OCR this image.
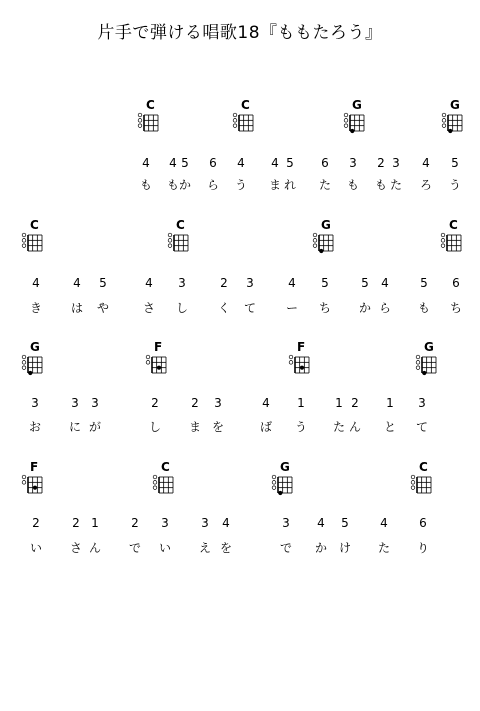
片手で弾ける唱歌18『ももたろう』
C	C	G	G
4	4 5	6	4	4 5	6	3	2 3	4	5
も	も か	ら	う	ま れ	た	も	も た	ろ	う
C	C	G	C
4	4	5	4	3	2	3	4	5	5	4	5	6
き	は	や	さ	し	く	て	ー	ち	か ら	も	ち
G	F	F	G
3	3	3	2	2	3	4	1	1 2	1	3
お	に が	し	ま を	ば	う	た ん	と	て
F	C	G	C
2	2 1	2	3	3	4	3	4	5	4	6
い	さ ん	で	い	え を	で	か け	た	り
